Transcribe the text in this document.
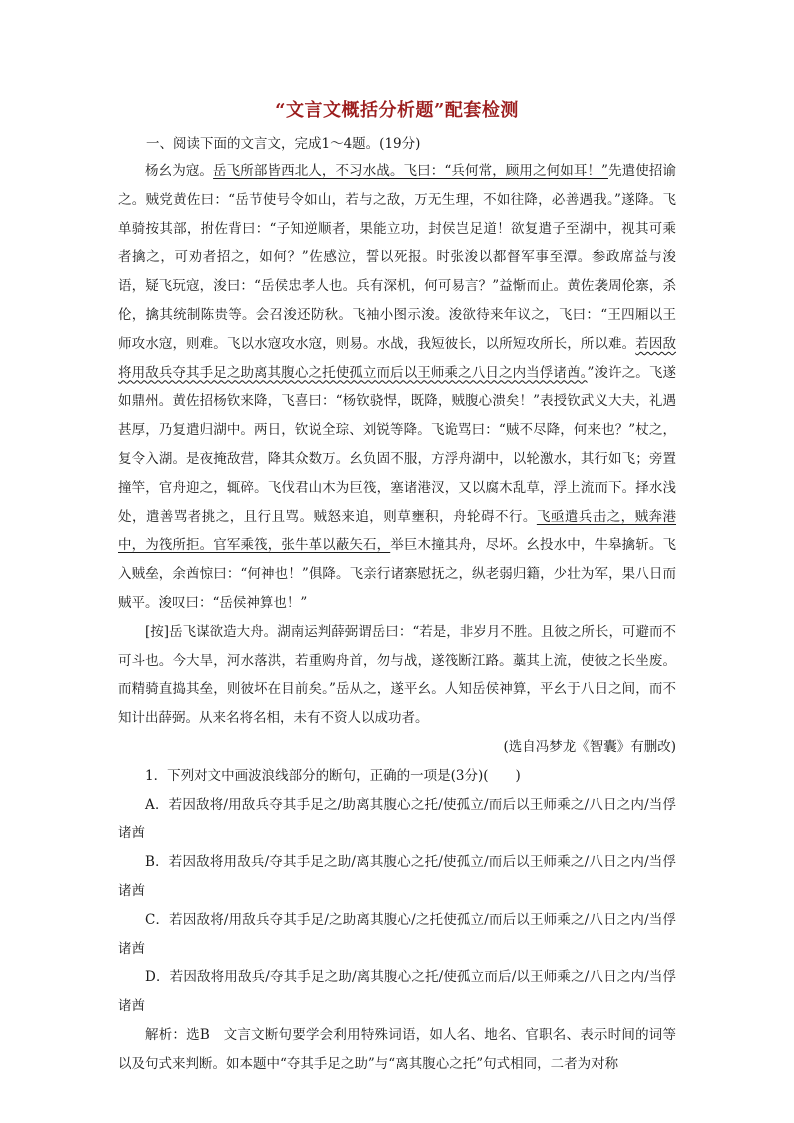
“文言文概括分析题”配套检测
一、阅读下面的文言文，完成1～4题。(19分)

杨幺为寇。岳飞所部皆西北人，不习水战。飞曰：“兵何常，顾用之何如耳！”先遣使招谕之。贼党黄佐曰：“岳节使号令如山，若与之敌，万无生理，不如往降，必善遇我。”遂降。飞单骑按其部，拊佐背曰：“子知逆顺者，果能立功，封侯岂足道！欲复遣子至湖中，视其可乘者擒之，可劝者招之，如何？”佐感泣，誓以死报。时张浚以都督军事至潭。参政席益与浚语，疑飞玩寇，浚曰：“岳侯忠孝人也。兵有深机，何可易言？”益惭而止。黄佐袭周伦寨，杀伦，擒其统制陈贵等。会召浚还防秋。飞袖小图示浚。浚欲待来年议之，飞曰：“王四厢以王师攻水寇，则难。飞以水寇攻水寇，则易。水战，我短彼长，以所短攻所长，所以难。若因敌将用敌兵夺其手足之助离其腹心之托使孤立而后以王师乘之八日之内当俘诸酋。”浚许之。飞遂如鼎州。黄佐招杨钦来降，飞喜曰：“杨钦骁悍，既降，贼腹心溃矣！”表授钦武义大夫，礼遇甚厚，乃复遣归湖中。两日，钦说全琮、刘锐等降。飞诡骂曰：“贼不尽降，何来也？”杖之，复令入湖。是夜掩敌营，降其众数万。幺负固不服，方浮舟湖中，以轮激水，其行如飞；旁置撞竿，官舟迎之，辄碎。飞伐君山木为巨筏，塞诸港汊，又以腐木乱草，浮上流而下。择水浅处，遣善骂者挑之，且行且骂。贼怒来追，则草壅积，舟轮碍不行。飞亟遣兵击之，贼奔港中，为筏所拒。官军乘筏，张牛革以蔽矢石，举巨木撞其舟，尽坏。幺投水中，牛皋擒斩。飞入贼垒，余酋惊曰：“何神也！”俱降。飞亲行诸寨慰抚之，纵老弱归籍，少壮为军，果八日而贼平。浚叹曰：“岳侯神算也！”

[按]岳飞谋欲造大舟。湖南运判薛弼谓岳曰：“若是，非岁月不胜。且彼之所长，可避而不可斗也。今大旱，河水落洪，若重购舟首，勿与战，遂筏断江路。藁其上流，使彼之长坐废。而精骑直捣其垒，则彼坏在目前矣。”岳从之，遂平幺。人知岳侯神算，平幺于八日之间，而不知计出薛弼。从来名将名相，未有不资人以成功者。

(选自冯梦龙《智囊》有删改)

1．下列对文中画波浪线部分的断句，正确的一项是(3分)(　　)

A．若因敌将/用敌兵夺其手足之/助离其腹心之托/使孤立/而后以王师乘之/八日之内/当俘诸酋

B．若因敌将用敌兵/夺其手足之助/离其腹心之托/使孤立/而后以王师乘之/八日之内/当俘诸酋

C．若因敌将/用敌兵夺其手足/之助离其腹心/之托使孤立/而后以王师乘之/八日之内/当俘诸酋

D．若因敌将用敌兵/夺其手足之助/离其腹心之托/使孤立而后/以王师乘之/八日之内/当俘诸酋

解析：选B　文言文断句要学会利用特殊词语，如人名、地名、官职名、表示时间的词等以及句式来判断。如本题中“夺其手足之助”与“离其腹心之托”句式相同，二者为对称
